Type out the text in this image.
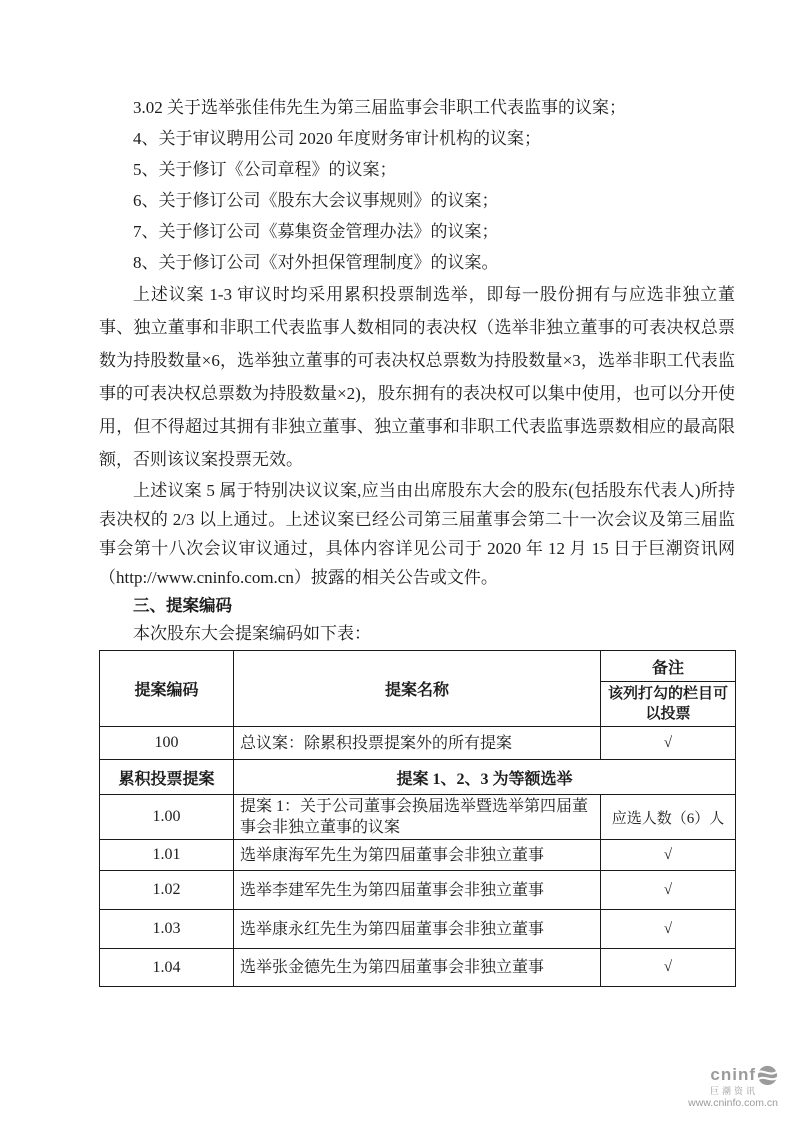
3.02 关于选举张佳伟先生为第三届监事会非职工代表监事的议案；
4、关于审议聘用公司 2020 年度财务审计机构的议案；
5、关于修订《公司章程》的议案；
6、关于修订公司《股东大会议事规则》的议案；
7、关于修订公司《募集资金管理办法》的议案；
8、关于修订公司《对外担保管理制度》的议案。

上述议案 1-3 审议时均采用累积投票制选举，即每一股份拥有与应选非独立董事、独立董事和非职工代表监事人数相同的表决权（选举非独立董事的可表决权总票数为持股数量×6，选举独立董事的可表决权总票数为持股数量×3，选举非职工代表监事的可表决权总票数为持股数量×2)，股东拥有的表决权可以集中使用，也可以分开使用，但不得超过其拥有非独立董事、独立董事和非职工代表监事选票数相应的最高限额，否则该议案投票无效。

上述议案 5 属于特别决议议案,应当由出席股东大会的股东(包括股东代表人)所持表决权的 2/3 以上通过。上述议案已经公司第三届董事会第二十一次会议及第三届监事会第十八次会议审议通过，具体内容详见公司于 2020 年 12 月 15 日于巨潮资讯网（http://www.cninfo.com.cn）披露的相关公告或文件。

三、提案编码
本次股东大会提案编码如下表：
提案编码	提案名称	备注
		该列打勾的栏目可以投票
100	总议案：除累积投票提案外的所有提案	√
累积投票提案	提案 1、2、3 为等额选举	
1.00	提案 1：关于公司董事会换届选举暨选举第四届董事会非独立董事的议案	应选人数（6）人
1.01	选举康海军先生为第四届董事会非独立董事	√
1.02	选举李建军先生为第四届董事会非独立董事	√
1.03	选举康永红先生为第四届董事会非独立董事	√
1.04	选举张金德先生为第四届董事会非独立董事	√
cninf
巨潮资讯
www.cninfo.com.cn
